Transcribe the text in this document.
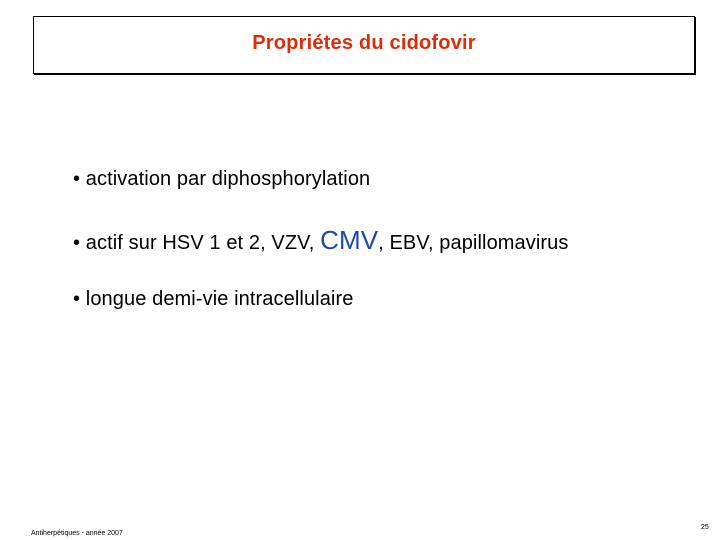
Propriétes du cidofovir
• activation par diphosphorylation
• actif sur HSV 1 et 2, VZV, CMV, EBV, papillomavirus
• longue demi-vie intracellulaire
Antiherpétiques - année 2007
25
